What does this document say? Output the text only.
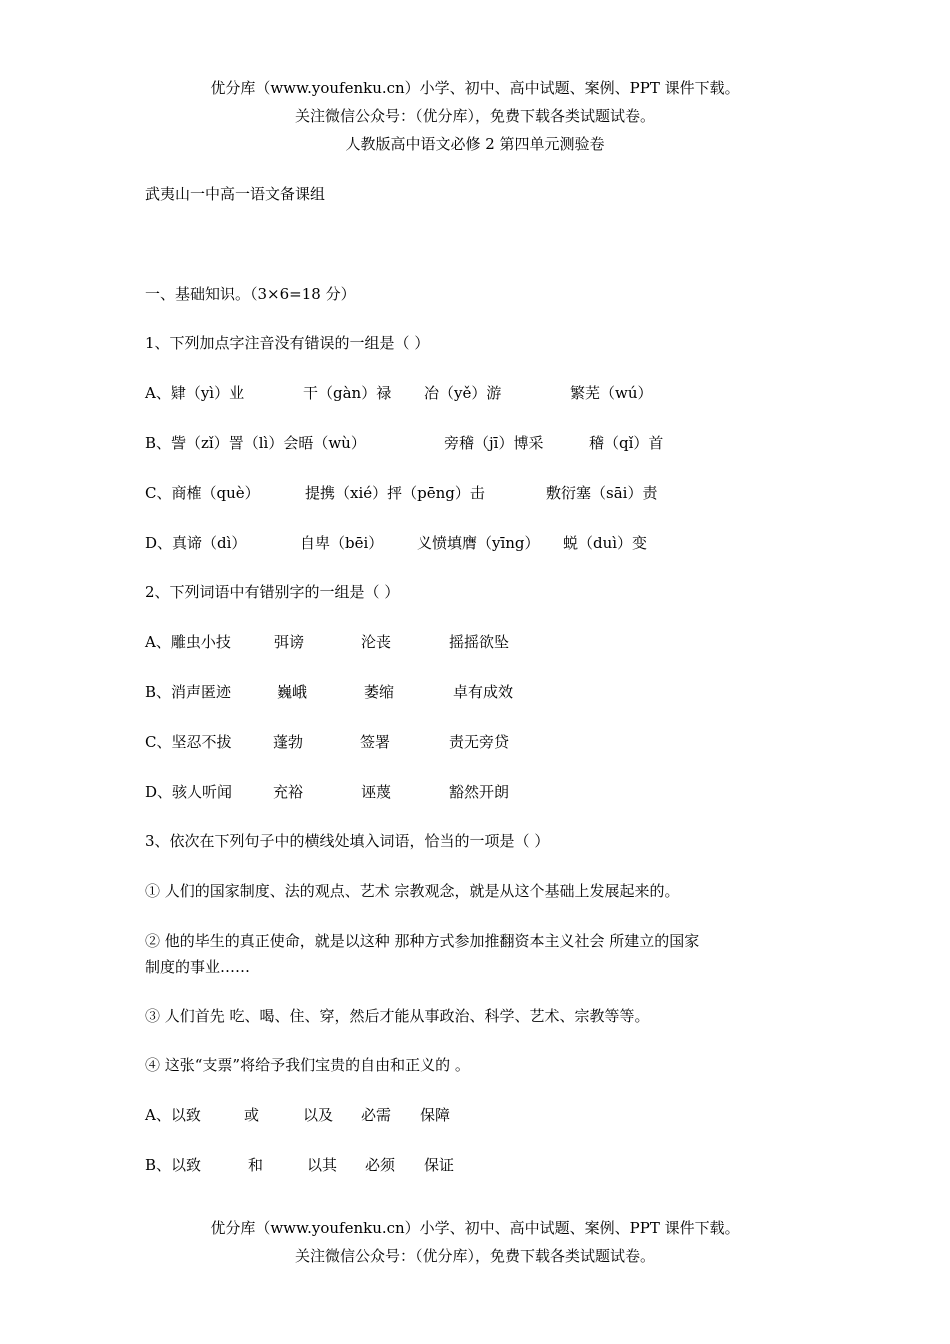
优分库（www.youfenku.cn）小学、初中、高中试题、案例、PPT 课件下载。
关注微信公众号：（优分库），免费下载各类试题试卷。
人教版高中语文必修 2 第四单元测验卷
武夷山一中高一语文备课组
一、基础知识。（3×6=18 分）
1、下列加点字注音没有错误的一组是（ ）
A、肄（yì）业	干（gàn）禄 冶（yě）游	繁芜（wú）
B、訾（zǐ）詈（lì）会晤（wù）	旁稽（jī）博采	稽（qǐ）首
C、商榷（què）	提携（xié）抨（pēng）击	敷衍塞（sāi）责
D、真谛（dì）	自卑（bēi） 义愤填膺（yīng） 蜕（duì）变
2、下列词语中有错别字的一组是（ ）
A、雕虫小技	弭谤	沦丧	摇摇欲坠
B、消声匿迹	巍峨	萎缩	卓有成效
C、坚忍不拔	蓬勃	签署	责无旁贷
D、骇人听闻	充裕	诬蔑	豁然开朗
3、依次在下列句子中的横线处填入词语，恰当的一项是（ ）
① 人们的国家制度、法的观点、艺术 宗教观念，就是从这个基础上发展起来的。
② 他的毕生的真正使命，就是以这种 那种方式参加推翻资本主义社会 所建立的国家
制度的事业……
③ 人们首先 吃、喝、住、穿，然后才能从事政治、科学、艺术、宗教等等。
④ 这张“支票”将给予我们宝贵的自由和正义的 。
A、以致	或	以及 必需 保障
B、以致	和	以其 必须 保证
优分库（www.youfenku.cn）小学、初中、高中试题、案例、PPT 课件下载。
关注微信公众号：（优分库），免费下载各类试题试卷。
